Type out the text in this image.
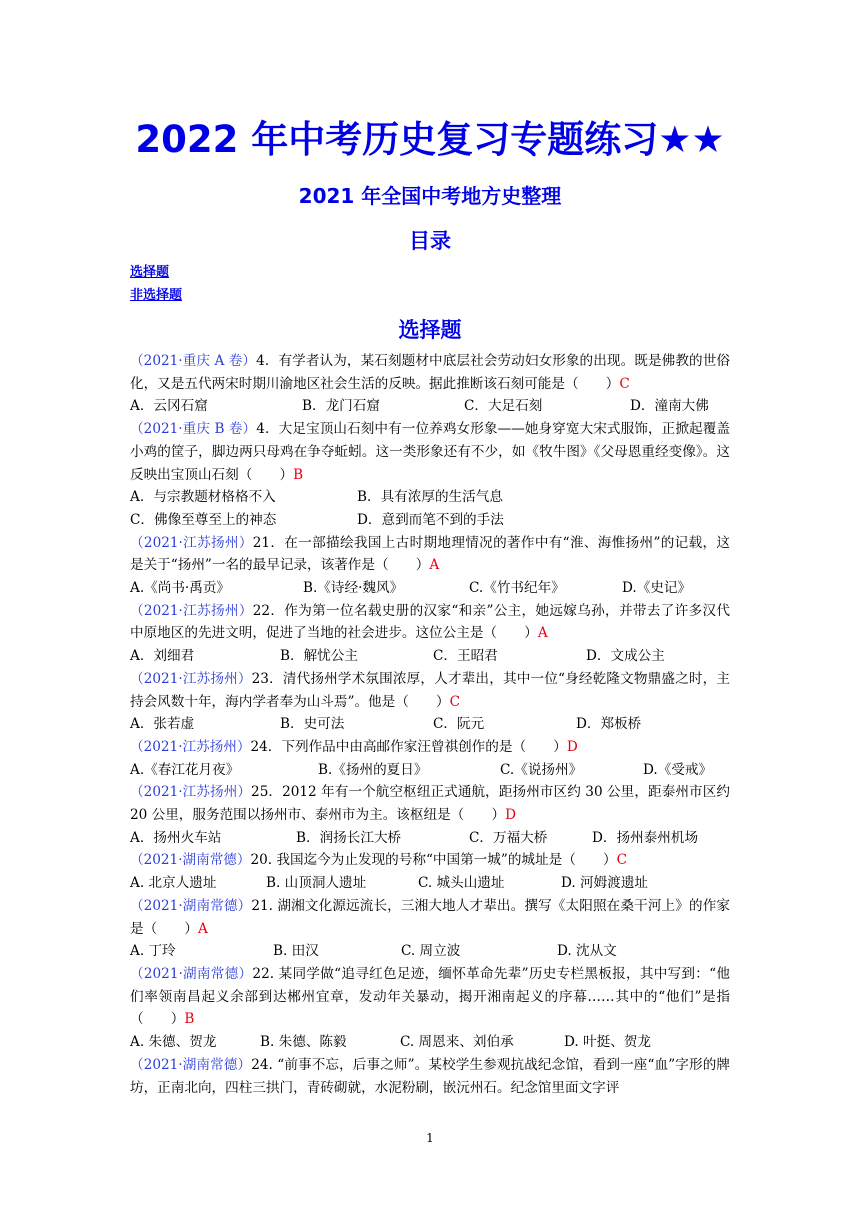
2022 年中考历史复习专题练习★★
2021 年全国中考地方史整理
目录
选择题
非选择题
选择题

（2021·重庆 A 卷）4．有学者认为，某石刻题材中底层社会劳动妇女形象的出现。既是佛教的世俗化，又是五代两宋时期川渝地区社会生活的反映。据此推断该石刻可能是（　　）C

A．云冈石窟	B．龙门石窟	C．大足石刻	D．潼南大佛

（2021·重庆 B 卷）4．大足宝顶山石刻中有一位养鸡女形象——她身穿宽大宋式服饰，正掀起覆盖小鸡的筐子，脚边两只母鸡在争夺蚯蚓。这一类形象还有不少，如《牧牛图》《父母恩重经变像》。这反映出宝顶山石刻（　　）B

A．与宗教题材格格不入	B．具有浓厚的生活气息
C．佛像至尊至上的神态	D．意到而笔不到的手法

（2021·江苏扬州）21．在一部描绘我国上古时期地理情况的著作中有“淮、海惟扬州”的记载，这是关于“扬州”一名的最早记录，该著作是（　　）A

A.《尚书·禹贡》	B.《诗经·魏风》	C.《竹书纪年》	D.《史记》

（2021·江苏扬州）22．作为第一位名载史册的汉家“和亲”公主，她远嫁乌孙，并带去了许多汉代中原地区的先进文明，促进了当地的社会进步。这位公主是（　　）A

A．刘细君	B．解忧公主	C．王昭君	D．文成公主

（2021·江苏扬州）23．清代扬州学术氛围浓厚，人才辈出，其中一位“身经乾隆文物鼎盛之时，主持会风数十年，海内学者奉为山斗焉”。他是（　　）C

A．张若虚	B．史可法	C．阮元	D．郑板桥

（2021·江苏扬州）24．下列作品中由高邮作家汪曾祺创作的是（　　）D

A.《春江花月夜》	B.《扬州的夏日》	C.《说扬州》	D.《受戒》

（2021·江苏扬州）25．2012 年有一个航空枢纽正式通航，距扬州市区约 30 公里，距泰州市区约 20 公里，服务范围以扬州市、泰州市为主。该枢纽是（　　）D

A．扬州火车站	B．润扬长江大桥	C．万福大桥	D．扬州泰州机场

（2021·湖南常德）20. 我国迄今为止发现的号称“中国第一城”的城址是（　　）C

A. 北京人遗址	B. 山顶洞人遗址	C. 城头山遗址	D. 河姆渡遗址

（2021·湖南常德）21. 湖湘文化源远流长，三湘大地人才辈出。撰写《太阳照在桑干河上》的作家是（　　）A

A. 丁玲	B. 田汉	C. 周立波	D. 沈从文

（2021·湖南常德）22. 某同学做“追寻红色足迹，缅怀革命先辈”历史专栏黑板报，其中写到：“他们率领南昌起义余部到达郴州宜章，发动年关暴动，揭开湘南起义的序幕……其中的“他们”是指（　　）B

A. 朱德、贺龙	B. 朱德、陈毅	C. 周恩来、刘伯承	D. 叶挺、贺龙

（2021·湖南常德）24. “前事不忘，后事之师”。某校学生参观抗战纪念馆，看到一座“血”字形的牌坊，正南北向，四柱三拱门，青砖砌就，水泥粉刷，嵌沅州石。纪念馆里面文字评

1
